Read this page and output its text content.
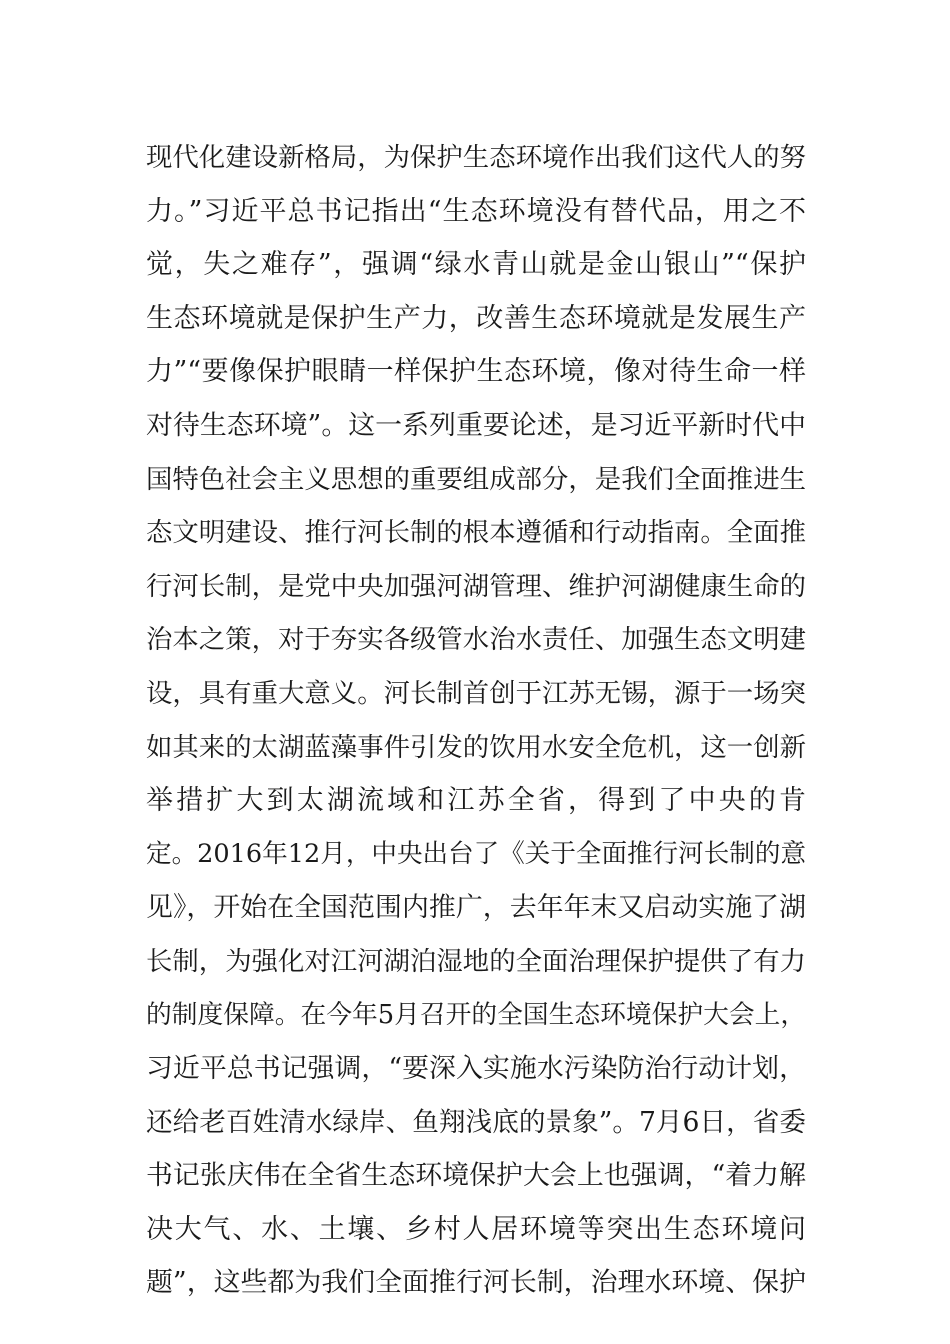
现代化建设新格局，为保护生态环境作出我们这代人的努
力。”习近平总书记指出“生态环境没有替代品，用之不
觉，失之难存”，强调“绿水青山就是金山银山”“保护
生态环境就是保护生产力，改善生态环境就是发展生产
力”“要像保护眼睛一样保护生态环境，像对待生命一样
对待生态环境”。这一系列重要论述，是习近平新时代中
国特色社会主义思想的重要组成部分，是我们全面推进生
态文明建设、推行河长制的根本遵循和行动指南。全面推
行河长制，是党中央加强河湖管理、维护河湖健康生命的
治本之策，对于夯实各级管水治水责任、加强生态文明建
设，具有重大意义。河长制首创于江苏无锡，源于一场突
如其来的太湖蓝藻事件引发的饮用水安全危机，这一创新
举措扩大到太湖流域和江苏全省，得到了中央的肯
定。2016年12月，中央出台了《关于全面推行河长制的意
见》，开始在全国范围内推广，去年年末又启动实施了湖
长制，为强化对江河湖泊湿地的全面治理保护提供了有力
的制度保障。在今年5月召开的全国生态环境保护大会上，
习近平总书记强调，“要深入实施水污染防治行动计划，
还给老百姓清水绿岸、鱼翔浅底的景象”。7月6日，省委
书记张庆伟在全省生态环境保护大会上也强调，“着力解
决大气、水、土壤、乡村人居环境等突出生态环境问
题”，这些都为我们全面推行河长制，治理水环境、保护
